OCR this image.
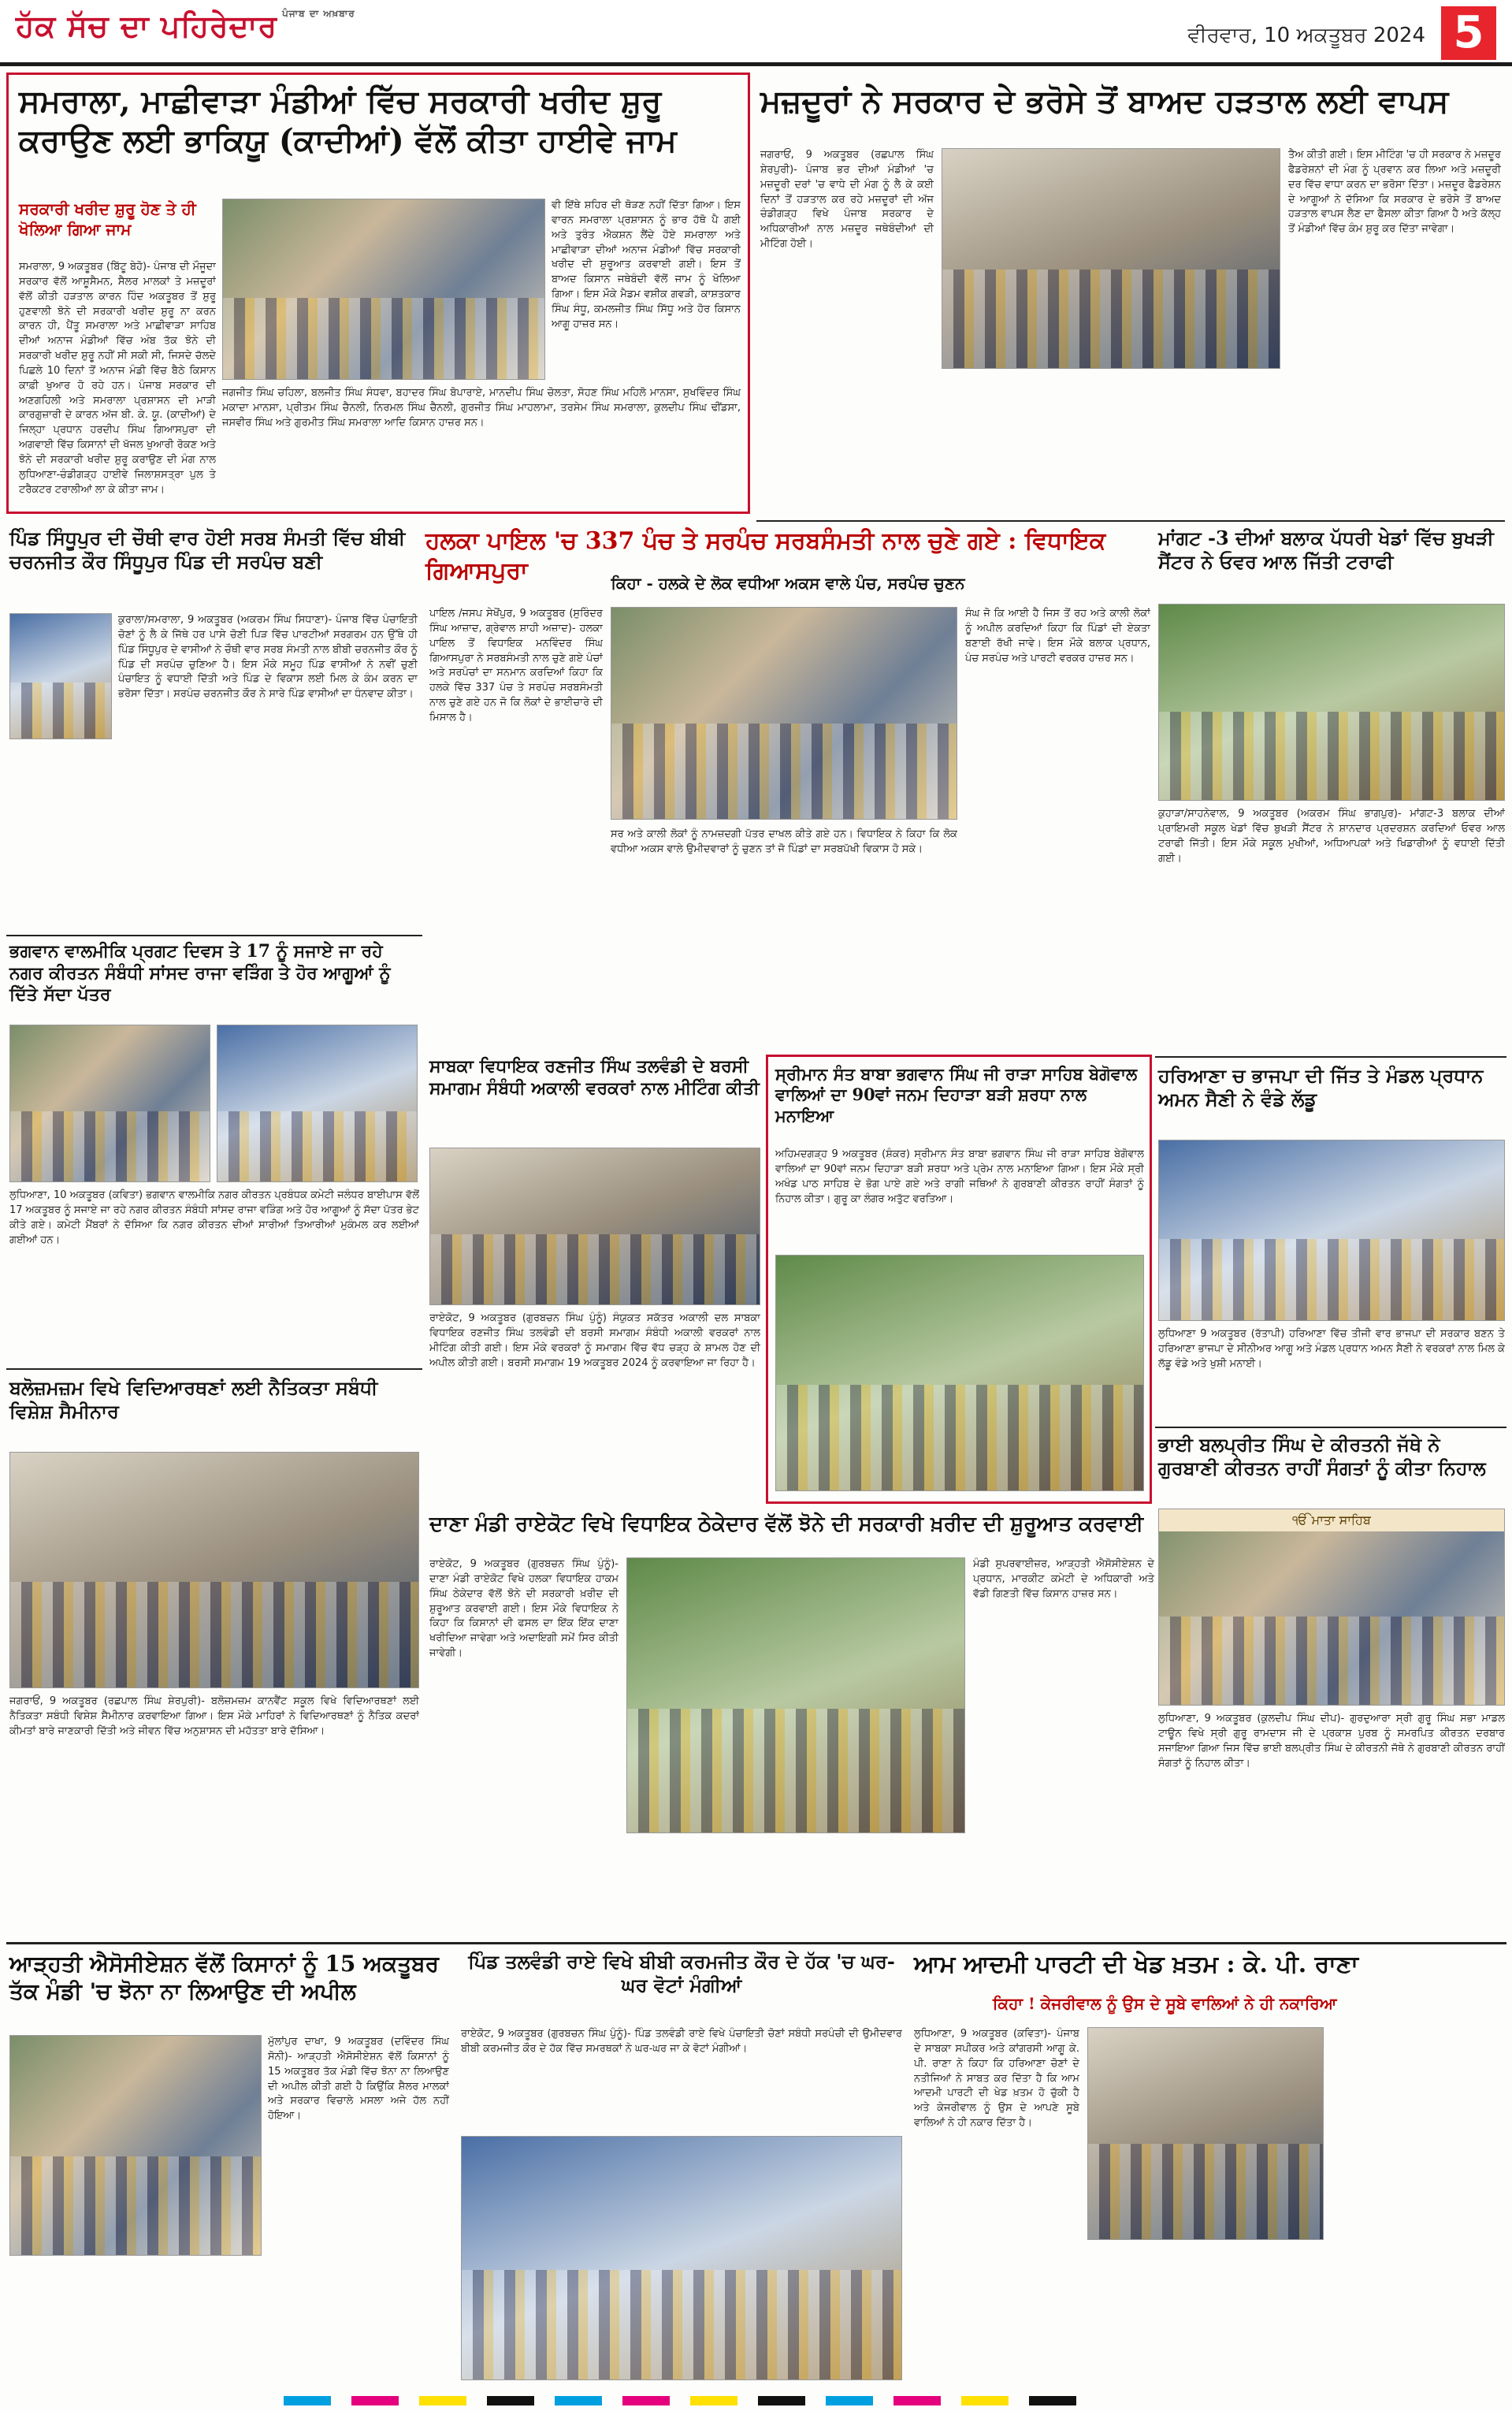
ਹੱਕ ਸੱਚ ਦਾ ਪਹਿਰੇਦਾਰ $^{ਪੰਜਾਬ ਦਾ ਅਖ਼ਬਾਰ}$
ਵੀਰਵਾਰ, 10 ਅਕਤੂਬਰ 2024 5
ਸਮਰਾਲਾ, ਮਾਛੀਵਾੜਾ ਮੰਡੀਆਂ ਵਿੱਚ ਸਰਕਾਰੀ ਖਰੀਦ ਸ਼ੁਰੂ ਕਰਾਉਣ ਲਈ ਭਾਕਿਯੂ (ਕਾਦੀਆਂ) ਵੱਲੋਂ ਕੀਤਾ ਹਾਈਵੇ ਜਾਮ
ਸਰਕਾਰੀ ਖਰੀਦ ਸ਼ੁਰੂ ਹੋਣ ਤੇ ਹੀ ਖੋਲਿਆ ਗਿਆ ਜਾਮ
ਸਮਰਾਲਾ, 9 ਅਕਤੂਬਰ (ਬਿੱਟੂ ਬੇਹੋ)- ਪੰਜਾਬ ਦੀ ਮੌਜੂਦਾ ਸਰਕਾਰ ਵੱਲੋਂ ਆਸ਼ੂਸੈਮਨ, ਸੈਲਰ ਮਾਲਕਾਂ ਤੇ ਮਜ਼ਦੂਰਾਂ ਵੱਲੋਂ ਕੀਤੀ ਹੜਤਾਲ ਕਾਰਨ ਹਿੰਦ ਅਕਤੂਬਰ ਤੋਂ ਸ਼ੁਰੂ ਹੁਣਵਾਲੀ ਝੋਨੇ ਦੀ ਸਰਕਾਰੀ ਖਰੀਦ ਸ਼ੁਰੂ ਨਾ ਕਰਨ ਕਾਰਨ ਹੀ, ਪੈਂਤੂ ਸਮਰਾਲਾ ਅਤੇ ਮਾਛੀਵਾੜਾ ਸਾਹਿਬ ਦੀਆਂ ਅਨਾਜ ਮੰਡੀਆਂ ਵਿੱਚ ਅੰਬ ਤੱਕ ਝੋਨੇ ਦੀ ਸਰਕਾਰੀ ਖਰੀਦ ਸ਼ੁਰੂ ਨਹੀਂ ਸੀ ਸਕੀ ਸੀ, ਜਿਸਦੇ ਚੱਲਦੇ ਪਿਛਲੇ 10 ਦਿਨਾਂ ਤੋਂ ਅਨਾਜ ਮੰਡੀ ਵਿੱਚ ਬੈਠੇ ਕਿਸਾਨ ਕਾਫ਼ੀ ਖੁਆਰ ਹੋ ਰਹੇ ਹਨ। ਪੰਜਾਬ ਸਰਕਾਰ ਦੀ ਅਣਗਹਿਲੀ ਅਤੇ ਸਮਰਾਲਾ ਪ੍ਰਸ਼ਾਸਨ ਦੀ ਮਾੜੀ ਕਾਰਗੁਜ਼ਾਰੀ ਦੇ ਕਾਰਨ ਅੱਜ ਬੀ. ਕੇ. ਯੂ. (ਕਾਦੀਆਂ) ਦੇ ਜਿਲ੍ਹਾ ਪ੍ਰਧਾਨ ਹਰਦੀਪ ਸਿੰਘ ਗਿਆਸਪੁਰਾ ਦੀ ਅਗਵਾਈ ਵਿੱਚ ਕਿਸਾਨਾਂ ਦੀ ਖੱਜਲ ਖੁਆਰੀ ਰੋਕਣ ਅਤੇ ਝੋਨੇ ਦੀ ਸਰਕਾਰੀ ਖਰੀਦ ਸ਼ੁਰੂ ਕਰਾਉਣ ਦੀ ਮੰਗ ਨਾਲ ਲੁਧਿਆਣਾ-ਚੰਡੀਗੜ੍ਹ ਹਾਈਵੇ ਜਿਲਾਸ਼ਸਤ੍ਰਾ ਪੁਲ ਤੇ ਟਰੈਕਟਰ ਟਰਾਲੀਆਂ ਲਾ ਕੇ ਕੀਤਾ ਜਾਮ।
ਵੀ ਇੱਥੇ ਸ਼ਹਿਰ ਦੀ ਥੋੜਣ ਨਹੀਂ ਦਿੱਤਾ ਗਿਆ। ਇਸ ਵਾਰਨ ਸਮਰਾਲਾ ਪ੍ਰਸ਼ਾਸਨ ਨੂੰ ਭਾਰ ਹੱਥੋ ਪੈ ਗਈ ਅਤੇ ਤੁਰੰਤ ਐਕਸ਼ਨ ਲੈਂਦੇ ਹੋਏ ਸਮਰਾਲਾ ਅਤੇ ਮਾਛੀਵਾੜਾ ਦੀਆਂ ਅਨਾਜ ਮੰਡੀਆਂ ਵਿੱਚ ਸਰਕਾਰੀ ਖਰੀਦ ਦੀ ਸ਼ੁਰੂਆਤ ਕਰਵਾਈ ਗਈ। ਇਸ ਤੋਂ ਬਾਅਦ ਕਿਸਾਨ ਜਥੇਬੰਦੀ ਵੱਲੋਂ ਜਾਮ ਨੂੰ ਖੋਲਿਆ ਗਿਆ। ਇਸ ਮੌਕੇ ਮੈਡਮ ਵਸ਼ੀਕ ਗਵੜੀ, ਕਾਸ਼ਤਕਾਰ ਸਿੰਘ ਸੰਧੂ, ਕਮਲਜੀਤ ਸਿੰਘ ਸਿੱਧੂ ਅਤੇ ਹੋਰ ਕਿਸਾਨ ਆਗੂ ਹਾਜ਼ਰ ਸਨ।
ਜਗਜੀਤ ਸਿੰਘ ਚਹਿਲਾ, ਬਲਜੀਤ ਸਿੰਘ ਸੰਧਵਾ, ਬਹਾਦਰ ਸਿੰਘ ਬੋਪਾਰਾਏ, ਮਾਨਦੀਪ ਸਿੰਘ ਚੋਲਤਾ, ਸੋਹਣ ਸਿੰਘ ਮਹਿਲੋ ਮਾਨਸਾ, ਸੁਖਵਿੰਦਰ ਸਿੰਘ ਮਕਾਦਾ ਮਾਨਸਾ, ਪ੍ਰੀਤਮ ਸਿੰਘ ਚੈਨਲੀ, ਨਿਰਮਲ ਸਿੰਘ ਚੈਨਲੀ, ਗੁਰਜੀਤ ਸਿੰਘ ਮਾਹਲਾਮਾ, ਤਰਸੇਮ ਸਿੰਘ ਸਮਰਾਲਾ, ਕੁਲਦੀਪ ਸਿੰਘ ਢੀਂਡਸਾ, ਜਸਵੀਰ ਸਿੰਘ ਅਤੇ ਗੁਰਮੀਤ ਸਿੰਘ ਸਮਰਾਲਾ ਆਦਿ ਕਿਸਾਨ ਹਾਜ਼ਰ ਸਨ।
ਮਜ਼ਦੂਰਾਂ ਨੇ ਸਰਕਾਰ ਦੇ ਭਰੋਸੇ ਤੋਂ ਬਾਅਦ ਹੜਤਾਲ ਲਈ ਵਾਪਸ
ਜਗਰਾਓਂ, 9 ਅਕਤੂਬਰ (ਰਛਪਾਲ ਸਿੰਘ ਸ਼ੇਰਪੁਰੀ)- ਪੰਜਾਬ ਭਰ ਦੀਆਂ ਮੰਡੀਆਂ 'ਚ ਮਜ਼ਦੂਰੀ ਦਰਾਂ 'ਚ ਵਾਧੇ ਦੀ ਮੰਗ ਨੂੰ ਲੈ ਕੇ ਕਈ ਦਿਨਾਂ ਤੋਂ ਹੜਤਾਲ ਕਰ ਰਹੇ ਮਜ਼ਦੂਰਾਂ ਦੀ ਅੱਜ ਚੰਡੀਗੜ੍ਹ ਵਿਖੇ ਪੰਜਾਬ ਸਰਕਾਰ ਦੇ ਅਧਿਕਾਰੀਆਂ ਨਾਲ ਮਜ਼ਦੂਰ ਜਥੇਬੰਦੀਆਂ ਦੀ ਮੀਟਿੰਗ ਹੋਈ।
ਤੈਅ ਕੀਤੀ ਗਈ। ਇਸ ਮੀਟਿੰਗ 'ਚ ਹੀ ਸਰਕਾਰ ਨੇ ਮਜ਼ਦੂਰ ਫੈਡਰੇਸ਼ਨਾਂ ਦੀ ਮੰਗ ਨੂੰ ਪ੍ਰਵਾਨ ਕਰ ਲਿਆ ਅਤੇ ਮਜ਼ਦੂਰੀ ਦਰ ਵਿੱਚ ਵਾਧਾ ਕਰਨ ਦਾ ਭਰੋਸਾ ਦਿੱਤਾ। ਮਜ਼ਦੂਰ ਫੈਡਰੇਸ਼ਨ ਦੇ ਆਗੂਆਂ ਨੇ ਦੱਸਿਆ ਕਿ ਸਰਕਾਰ ਦੇ ਭਰੋਸੇ ਤੋਂ ਬਾਅਦ ਹੜਤਾਲ ਵਾਪਸ ਲੈਣ ਦਾ ਫੈਸਲਾ ਕੀਤਾ ਗਿਆ ਹੈ ਅਤੇ ਕੱਲ੍ਹ ਤੋਂ ਮੰਡੀਆਂ ਵਿੱਚ ਕੰਮ ਸ਼ੁਰੂ ਕਰ ਦਿੱਤਾ ਜਾਵੇਗਾ।
ਪਿੰਡ ਸਿੰਧੂਪੁਰ ਦੀ ਚੌਥੀ ਵਾਰ ਹੋਈ ਸਰਬ ਸੰਮਤੀ ਵਿੱਚ ਬੀਬੀ ਚਰਨਜੀਤ ਕੌਰ ਸਿੰਧੂਪੁਰ ਪਿੰਡ ਦੀ ਸਰਪੰਚ ਬਣੀ
ਕੁਰਾਲਾ/ਸਮਰਾਲਾ, 9 ਅਕਤੂਬਰ (ਅਕਰਮ ਸਿੰਘ ਸਿਧਾਣਾ)- ਪੰਜਾਬ ਵਿੱਚ ਪੰਚਾਇਤੀ ਚੋਣਾਂ ਨੂੰ ਲੈ ਕੇ ਜਿੱਥੇ ਹਰ ਪਾਸੇ ਚੋਣੀ ਪਿੜ ਵਿੱਚ ਪਾਰਟੀਆਂ ਸਰਗਰਮ ਹਨ ਉੱਥੇ ਹੀ ਪਿੰਡ ਸਿੰਧੂਪੁਰ ਦੇ ਵਾਸੀਆਂ ਨੇ ਚੌਥੀ ਵਾਰ ਸਰਬ ਸੰਮਤੀ ਨਾਲ ਬੀਬੀ ਚਰਨਜੀਤ ਕੌਰ ਨੂੰ ਪਿੰਡ ਦੀ ਸਰਪੰਚ ਚੁਣਿਆ ਹੈ। ਇਸ ਮੌਕੇ ਸਮੂਹ ਪਿੰਡ ਵਾਸੀਆਂ ਨੇ ਨਵੀਂ ਚੁਣੀ ਪੰਚਾਇਤ ਨੂੰ ਵਧਾਈ ਦਿੱਤੀ ਅਤੇ ਪਿੰਡ ਦੇ ਵਿਕਾਸ ਲਈ ਮਿਲ ਕੇ ਕੰਮ ਕਰਨ ਦਾ ਭਰੋਸਾ ਦਿੱਤਾ। ਸਰਪੰਚ ਚਰਨਜੀਤ ਕੌਰ ਨੇ ਸਾਰੇ ਪਿੰਡ ਵਾਸੀਆਂ ਦਾ ਧੰਨਵਾਦ ਕੀਤਾ।
ਹਲਕਾ ਪਾਇਲ 'ਚ 337 ਪੰਚ ਤੇ ਸਰਪੰਚ ਸਰਬਸੰਮਤੀ ਨਾਲ ਚੁਣੇ ਗਏ : ਵਿਧਾਇਕ ਗਿਆਸਪੁਰਾ	ਕਿਹਾ - ਹਲਕੇ ਦੇ ਲੋਕ ਵਧੀਆ ਅਕਸ ਵਾਲੇ ਪੰਚ, ਸਰਪੰਚ ਚੁਣਨ
ਪਾਇਲ /ਜਸਪ ਸੇਖੋਂਪੁਰ, 9 ਅਕਤੂਬਰ (ਸੁਰਿੰਦਰ ਸਿੰਘ ਆਜ਼ਾਦ, ਗ੍ਰੇਵਾਲ ਸ਼ਾਹੀ ਅਜ਼ਾਦ)- ਹਲਕਾ ਪਾਇਲ ਤੋਂ ਵਿਧਾਇਕ ਮਨਵਿੰਦਰ ਸਿੰਘ ਗਿਆਸਪੁਰਾ ਨੇ ਸਰਬਸੰਮਤੀ ਨਾਲ ਚੁਣੇ ਗਏ ਪੰਚਾਂ ਅਤੇ ਸਰਪੰਚਾਂ ਦਾ ਸਨਮਾਨ ਕਰਦਿਆਂ ਕਿਹਾ ਕਿ ਹਲਕੇ ਵਿੱਚ 337 ਪੰਚ ਤੇ ਸਰਪੰਚ ਸਰਬਸੰਮਤੀ ਨਾਲ ਚੁਣੇ ਗਏ ਹਨ ਜੋ ਕਿ ਲੋਕਾਂ ਦੇ ਭਾਈਚਾਰੇ ਦੀ ਮਿਸਾਲ ਹੈ।
ਸਰ ਅਤੇ ਕਾਲੀ ਲੋਕਾਂ ਨੂੰ ਨਾਮਜ਼ਦਗੀ ਪੱਤਰ ਦਾਖਲ ਕੀਤੇ ਗਏ ਹਨ। ਵਿਧਾਇਕ ਨੇ ਕਿਹਾ ਕਿ ਲੋਕ ਵਧੀਆ ਅਕਸ ਵਾਲੇ ਉਮੀਦਵਾਰਾਂ ਨੂੰ ਚੁਣਨ ਤਾਂ ਜੋ ਪਿੰਡਾਂ ਦਾ ਸਰਬਪੱਖੀ ਵਿਕਾਸ ਹੋ ਸਕੇ।
ਸੰਘ ਜੋ ਕਿ ਆਈ ਹੈ ਜਿਸ ਤੋਂ ਰਹ ਅਤੇ ਕਾਲੀ ਲੋਕਾਂ ਨੂੰ ਅਪੀਲ ਕਰਦਿਆਂ ਕਿਹਾ ਕਿ ਪਿੰਡਾਂ ਦੀ ਏਕਤਾ ਬਣਾਈ ਰੱਖੀ ਜਾਵੇ। ਇਸ ਮੌਕੇ ਬਲਾਕ ਪ੍ਰਧਾਨ, ਪੰਚ ਸਰਪੰਚ ਅਤੇ ਪਾਰਟੀ ਵਰਕਰ ਹਾਜ਼ਰ ਸਨ।
ਮਾਂਗਟ -3 ਦੀਆਂ ਬਲਾਕ ਪੱਧਰੀ ਖੇਡਾਂ ਵਿੱਚ ਬੁਖੜੀ ਸੈਂਟਰ ਨੇ ਓਵਰ ਆਲ ਜਿੱਤੀ ਟਰਾਫੀ
ਕੁਹਾੜਾ/ਸਾਹਨੇਵਾਲ, 9 ਅਕਤੂਬਰ (ਅਕਰਮ ਸਿੰਘ ਭਾਗਪੁਰ)- ਮਾਂਗਟ-3 ਬਲਾਕ ਦੀਆਂ ਪ੍ਰਾਇਮਰੀ ਸਕੂਲ ਖੇਡਾਂ ਵਿੱਚ ਬੁਖੜੀ ਸੈਂਟਰ ਨੇ ਸ਼ਾਨਦਾਰ ਪ੍ਰਦਰਸ਼ਨ ਕਰਦਿਆਂ ਓਵਰ ਆਲ ਟਰਾਫੀ ਜਿੱਤੀ। ਇਸ ਮੌਕੇ ਸਕੂਲ ਮੁਖੀਆਂ, ਅਧਿਆਪਕਾਂ ਅਤੇ ਖਿਡਾਰੀਆਂ ਨੂੰ ਵਧਾਈ ਦਿੱਤੀ ਗਈ।
ਭਗਵਾਨ ਵਾਲਮੀਕਿ ਪ੍ਰਗਟ ਦਿਵਸ ਤੇ 17 ਨੂੰ ਸਜਾਏ ਜਾ ਰਹੇ ਨਗਰ ਕੀਰਤਨ ਸੰਬੰਧੀ ਸਾਂਸਦ ਰਾਜਾ ਵੜਿੰਗ ਤੇ ਹੋਰ ਆਗੂਆਂ ਨੂੰ ਦਿੱਤੇ ਸੱਦਾ ਪੱਤਰ
ਲੁਧਿਆਣਾ, 10 ਅਕਤੂਬਰ (ਕਵਿਤਾ) ਭਗਵਾਨ ਵਾਲਮੀਕਿ ਨਗਰ ਕੀਰਤਨ ਪ੍ਰਬੰਧਕ ਕਮੇਟੀ ਜਲੰਧਰ ਬਾਈਪਾਸ ਵੱਲੋਂ 17 ਅਕਤੂਬਰ ਨੂੰ ਸਜਾਏ ਜਾ ਰਹੇ ਨਗਰ ਕੀਰਤਨ ਸੰਬੰਧੀ ਸਾਂਸਦ ਰਾਜਾ ਵੜਿੰਗ ਅਤੇ ਹੋਰ ਆਗੂਆਂ ਨੂੰ ਸੱਦਾ ਪੱਤਰ ਭੇਟ ਕੀਤੇ ਗਏ। ਕਮੇਟੀ ਮੈਂਬਰਾਂ ਨੇ ਦੱਸਿਆ ਕਿ ਨਗਰ ਕੀਰਤਨ ਦੀਆਂ ਸਾਰੀਆਂ ਤਿਆਰੀਆਂ ਮੁਕੰਮਲ ਕਰ ਲਈਆਂ ਗਈਆਂ ਹਨ।
ਸਾਬਕਾ ਵਿਧਾਇਕ ਰਣਜੀਤ ਸਿੰਘ ਤਲਵੰਡੀ ਦੇ ਬਰਸੀ ਸਮਾਗਮ ਸੰਬੰਧੀ ਅਕਾਲੀ ਵਰਕਰਾਂ ਨਾਲ ਮੀਟਿੰਗ ਕੀਤੀ
ਰਾਏਕੋਟ, 9 ਅਕਤੂਬਰ (ਗੁਰਬਚਨ ਸਿੰਘ ਪੁੰਨੂੰ) ਸੰਯੁਕਤ ਸਕੱਤਰ ਅਕਾਲੀ ਦਲ ਸਾਬਕਾ ਵਿਧਾਇਕ ਰਣਜੀਤ ਸਿੰਘ ਤਲਵੰਡੀ ਦੀ ਬਰਸੀ ਸਮਾਗਮ ਸੰਬੰਧੀ ਅਕਾਲੀ ਵਰਕਰਾਂ ਨਾਲ ਮੀਟਿੰਗ ਕੀਤੀ ਗਈ। ਇਸ ਮੌਕੇ ਵਰਕਰਾਂ ਨੂੰ ਸਮਾਗਮ ਵਿੱਚ ਵੱਧ ਚੜ੍ਹ ਕੇ ਸ਼ਾਮਲ ਹੋਣ ਦੀ ਅਪੀਲ ਕੀਤੀ ਗਈ। ਬਰਸੀ ਸਮਾਗਮ 19 ਅਕਤੂਬਰ 2024 ਨੂੰ ਕਰਵਾਇਆ ਜਾ ਰਿਹਾ ਹੈ।
ਸ੍ਰੀਮਾਨ ਸੰਤ ਬਾਬਾ ਭਗਵਾਨ ਸਿੰਘ ਜੀ ਰਾੜਾ ਸਾਹਿਬ ਬੇਗੋਵਾਲ ਵਾਲਿਆਂ ਦਾ 90ਵਾਂ ਜਨਮ ਦਿਹਾੜਾ ਬੜੀ ਸ਼ਰਧਾ ਨਾਲ ਮਨਾਇਆ
ਅਹਿਮਦਗੜ੍ਹ 9 ਅਕਤੂਬਰ (ਸ਼ੰਕਰ) ਸ੍ਰੀਮਾਨ ਸੰਤ ਬਾਬਾ ਭਗਵਾਨ ਸਿੰਘ ਜੀ ਰਾੜਾ ਸਾਹਿਬ ਬੇਗੋਵਾਲ ਵਾਲਿਆਂ ਦਾ 90ਵਾਂ ਜਨਮ ਦਿਹਾੜਾ ਬੜੀ ਸ਼ਰਧਾ ਅਤੇ ਪ੍ਰੇਮ ਨਾਲ ਮਨਾਇਆ ਗਿਆ। ਇਸ ਮੌਕੇ ਸ੍ਰੀ ਅਖੰਡ ਪਾਠ ਸਾਹਿਬ ਦੇ ਭੋਗ ਪਾਏ ਗਏ ਅਤੇ ਰਾਗੀ ਜਥਿਆਂ ਨੇ ਗੁਰਬਾਣੀ ਕੀਰਤਨ ਰਾਹੀਂ ਸੰਗਤਾਂ ਨੂੰ ਨਿਹਾਲ ਕੀਤਾ। ਗੁਰੂ ਕਾ ਲੰਗਰ ਅਤੁੱਟ ਵਰਤਿਆ।
ਹਰਿਆਣਾ ਚ ਭਾਜਪਾ ਦੀ ਜਿੱਤ ਤੇ ਮੰਡਲ ਪ੍ਰਧਾਨ ਅਮਨ ਸੈਣੀ ਨੇ ਵੰਡੇ ਲੱਡੂ
ਲੁਧਿਆਣਾ 9 ਅਕਤੂਬਰ (ਰੱਤਾਪੀ) ਹਰਿਆਣਾ ਵਿੱਚ ਤੀਜੀ ਵਾਰ ਭਾਜਪਾ ਦੀ ਸਰਕਾਰ ਬਣਨ ਤੇ ਹਰਿਆਣਾ ਭਾਜਪਾ ਦੇ ਸੀਨੀਅਰ ਆਗੂ ਅਤੇ ਮੰਡਲ ਪ੍ਰਧਾਨ ਅਮਨ ਸੈਣੀ ਨੇ ਵਰਕਰਾਂ ਨਾਲ ਮਿਲ ਕੇ ਲੱਡੂ ਵੰਡੇ ਅਤੇ ਖੁਸ਼ੀ ਮਨਾਈ।
ਭਾਈ ਬਲਪ੍ਰੀਤ ਸਿੰਘ ਦੇ ਕੀਰਤਨੀ ਜੱਥੇ ਨੇ ਗੁਰਬਾਣੀ ਕੀਰਤਨ ਰਾਹੀਂ ਸੰਗਤਾਂ ਨੂੰ ਕੀਤਾ ਨਿਹਾਲ
ੴ ਮਾਤਾ ਸਾਹਿਬ
ਲੁਧਿਆਣਾ, 9 ਅਕਤੂਬਰ (ਕੁਲਦੀਪ ਸਿੰਘ ਦੀਪ)- ਗੁਰਦੁਆਰਾ ਸ੍ਰੀ ਗੁਰੂ ਸਿੰਘ ਸਭਾ ਮਾਡਲ ਟਾਊਨ ਵਿਖੇ ਸ੍ਰੀ ਗੁਰੂ ਰਾਮਦਾਸ ਜੀ ਦੇ ਪ੍ਰਕਾਸ਼ ਪੁਰਬ ਨੂੰ ਸਮਰਪਿਤ ਕੀਰਤਨ ਦਰਬਾਰ ਸਜਾਇਆ ਗਿਆ ਜਿਸ ਵਿੱਚ ਭਾਈ ਬਲਪ੍ਰੀਤ ਸਿੰਘ ਦੇ ਕੀਰਤਨੀ ਜੱਥੇ ਨੇ ਗੁਰਬਾਣੀ ਕੀਰਤਨ ਰਾਹੀਂ ਸੰਗਤਾਂ ਨੂੰ ਨਿਹਾਲ ਕੀਤਾ।
ਬਲੋਜ਼ਮਜ਼ਮ ਵਿਖੇ ਵਿਦਿਆਰਥਣਾਂ ਲਈ ਨੈਤਿਕਤਾ ਸਬੰਧੀ ਵਿਸ਼ੇਸ਼ ਸੈਮੀਨਾਰ
ਜਗਰਾਓਂ, 9 ਅਕਤੂਬਰ (ਰਛਪਾਲ ਸਿੰਘ ਸ਼ੇਰਪੁਰੀ)- ਬਲੋਜ਼ਮਜ਼ਮ ਕਾਨਵੈਂਟ ਸਕੂਲ ਵਿਖੇ ਵਿਦਿਆਰਥਣਾਂ ਲਈ ਨੈਤਿਕਤਾ ਸਬੰਧੀ ਵਿਸ਼ੇਸ਼ ਸੈਮੀਨਾਰ ਕਰਵਾਇਆ ਗਿਆ। ਇਸ ਮੌਕੇ ਮਾਹਿਰਾਂ ਨੇ ਵਿਦਿਆਰਥਣਾਂ ਨੂੰ ਨੈਤਿਕ ਕਦਰਾਂ ਕੀਮਤਾਂ ਬਾਰੇ ਜਾਣਕਾਰੀ ਦਿੱਤੀ ਅਤੇ ਜੀਵਨ ਵਿੱਚ ਅਨੁਸ਼ਾਸਨ ਦੀ ਮਹੱਤਤਾ ਬਾਰੇ ਦੱਸਿਆ।
ਦਾਣਾ ਮੰਡੀ ਰਾਏਕੋਟ ਵਿਖੇ ਵਿਧਾਇਕ ਠੇਕੇਦਾਰ ਵੱਲੋਂ ਝੋਨੇ ਦੀ ਸਰਕਾਰੀ ਖ਼ਰੀਦ ਦੀ ਸ਼ੁਰੂਆਤ ਕਰਵਾਈ
ਰਾਏਕੋਟ, 9 ਅਕਤੂਬਰ (ਗੁਰਬਚਨ ਸਿੰਘ ਪੁੰਨੂੰ)- ਦਾਣਾ ਮੰਡੀ ਰਾਏਕੋਟ ਵਿਖੇ ਹਲਕਾ ਵਿਧਾਇਕ ਹਾਕਮ ਸਿੰਘ ਠੇਕੇਦਾਰ ਵੱਲੋਂ ਝੋਨੇ ਦੀ ਸਰਕਾਰੀ ਖ਼ਰੀਦ ਦੀ ਸ਼ੁਰੂਆਤ ਕਰਵਾਈ ਗਈ। ਇਸ ਮੌਕੇ ਵਿਧਾਇਕ ਨੇ ਕਿਹਾ ਕਿ ਕਿਸਾਨਾਂ ਦੀ ਫਸਲ ਦਾ ਇੱਕ ਇੱਕ ਦਾਣਾ ਖਰੀਦਿਆ ਜਾਵੇਗਾ ਅਤੇ ਅਦਾਇਗੀ ਸਮੇਂ ਸਿਰ ਕੀਤੀ ਜਾਵੇਗੀ।
ਮੰਡੀ ਸੁਪਰਵਾਈਜ਼ਰ, ਆੜ੍ਹਤੀ ਐਸੋਸੀਏਸ਼ਨ ਦੇ ਪ੍ਰਧਾਨ, ਮਾਰਕੀਟ ਕਮੇਟੀ ਦੇ ਅਧਿਕਾਰੀ ਅਤੇ ਵੱਡੀ ਗਿਣਤੀ ਵਿੱਚ ਕਿਸਾਨ ਹਾਜ਼ਰ ਸਨ।
ਆੜ੍ਹਤੀ ਐਸੋਸੀਏਸ਼ਨ ਵੱਲੋਂ ਕਿਸਾਨਾਂ ਨੂੰ 15 ਅਕਤੂਬਰ ਤੱਕ ਮੰਡੀ 'ਚ ਝੋਨਾ ਨਾ ਲਿਆਉਣ ਦੀ ਅਪੀਲ
ਮੁੱਲਾਂਪੁਰ ਦਾਖਾ, 9 ਅਕਤੂਬਰ (ਦਵਿੰਦਰ ਸਿੰਘ ਸੋਨੀ)- ਆੜ੍ਹਤੀ ਐਸੋਸੀਏਸ਼ਨ ਵੱਲੋਂ ਕਿਸਾਨਾਂ ਨੂੰ 15 ਅਕਤੂਬਰ ਤੱਕ ਮੰਡੀ ਵਿੱਚ ਝੋਨਾ ਨਾ ਲਿਆਉਣ ਦੀ ਅਪੀਲ ਕੀਤੀ ਗਈ ਹੈ ਕਿਉਂਕਿ ਸ਼ੈਲਰ ਮਾਲਕਾਂ ਅਤੇ ਸਰਕਾਰ ਵਿਚਾਲੇ ਮਸਲਾ ਅਜੇ ਹੱਲ ਨਹੀਂ ਹੋਇਆ।
ਪਿੰਡ ਤਲਵੰਡੀ ਰਾਏ ਵਿਖੇ ਬੀਬੀ ਕਰਮਜੀਤ ਕੌਰ ਦੇ ਹੱਕ 'ਚ ਘਰ-ਘਰ ਵੋਟਾਂ ਮੰਗੀਆਂ
ਰਾਏਕੋਟ, 9 ਅਕਤੂਬਰ (ਗੁਰਬਚਨ ਸਿੰਘ ਪੁੰਨੂੰ)- ਪਿੰਡ ਤਲਵੰਡੀ ਰਾਏ ਵਿਖੇ ਪੰਚਾਇਤੀ ਚੋਣਾਂ ਸਬੰਧੀ ਸਰਪੰਚੀ ਦੀ ਉਮੀਦਵਾਰ ਬੀਬੀ ਕਰਮਜੀਤ ਕੌਰ ਦੇ ਹੱਕ ਵਿੱਚ ਸਮਰਥਕਾਂ ਨੇ ਘਰ-ਘਰ ਜਾ ਕੇ ਵੋਟਾਂ ਮੰਗੀਆਂ।
ਆਮ ਆਦਮੀ ਪਾਰਟੀ ਦੀ ਖੇਡ ਖ਼ਤਮ : ਕੇ. ਪੀ. ਰਾਣਾ
ਕਿਹਾ ! ਕੇਜਰੀਵਾਲ ਨੂੰ ਉਸ ਦੇ ਸੂਬੇ ਵਾਲਿਆਂ ਨੇ ਹੀ ਨਕਾਰਿਆ
ਲੁਧਿਆਣਾ, 9 ਅਕਤੂਬਰ (ਕਵਿਤਾ)- ਪੰਜਾਬ ਦੇ ਸਾਬਕਾ ਸਪੀਕਰ ਅਤੇ ਕਾਂਗਰਸੀ ਆਗੂ ਕੇ. ਪੀ. ਰਾਣਾ ਨੇ ਕਿਹਾ ਕਿ ਹਰਿਆਣਾ ਚੋਣਾਂ ਦੇ ਨਤੀਜਿਆਂ ਨੇ ਸਾਬਤ ਕਰ ਦਿੱਤਾ ਹੈ ਕਿ ਆਮ ਆਦਮੀ ਪਾਰਟੀ ਦੀ ਖੇਡ ਖ਼ਤਮ ਹੋ ਚੁੱਕੀ ਹੈ ਅਤੇ ਕੇਜਰੀਵਾਲ ਨੂੰ ਉਸ ਦੇ ਆਪਣੇ ਸੂਬੇ ਵਾਲਿਆਂ ਨੇ ਹੀ ਨਕਾਰ ਦਿੱਤਾ ਹੈ।
